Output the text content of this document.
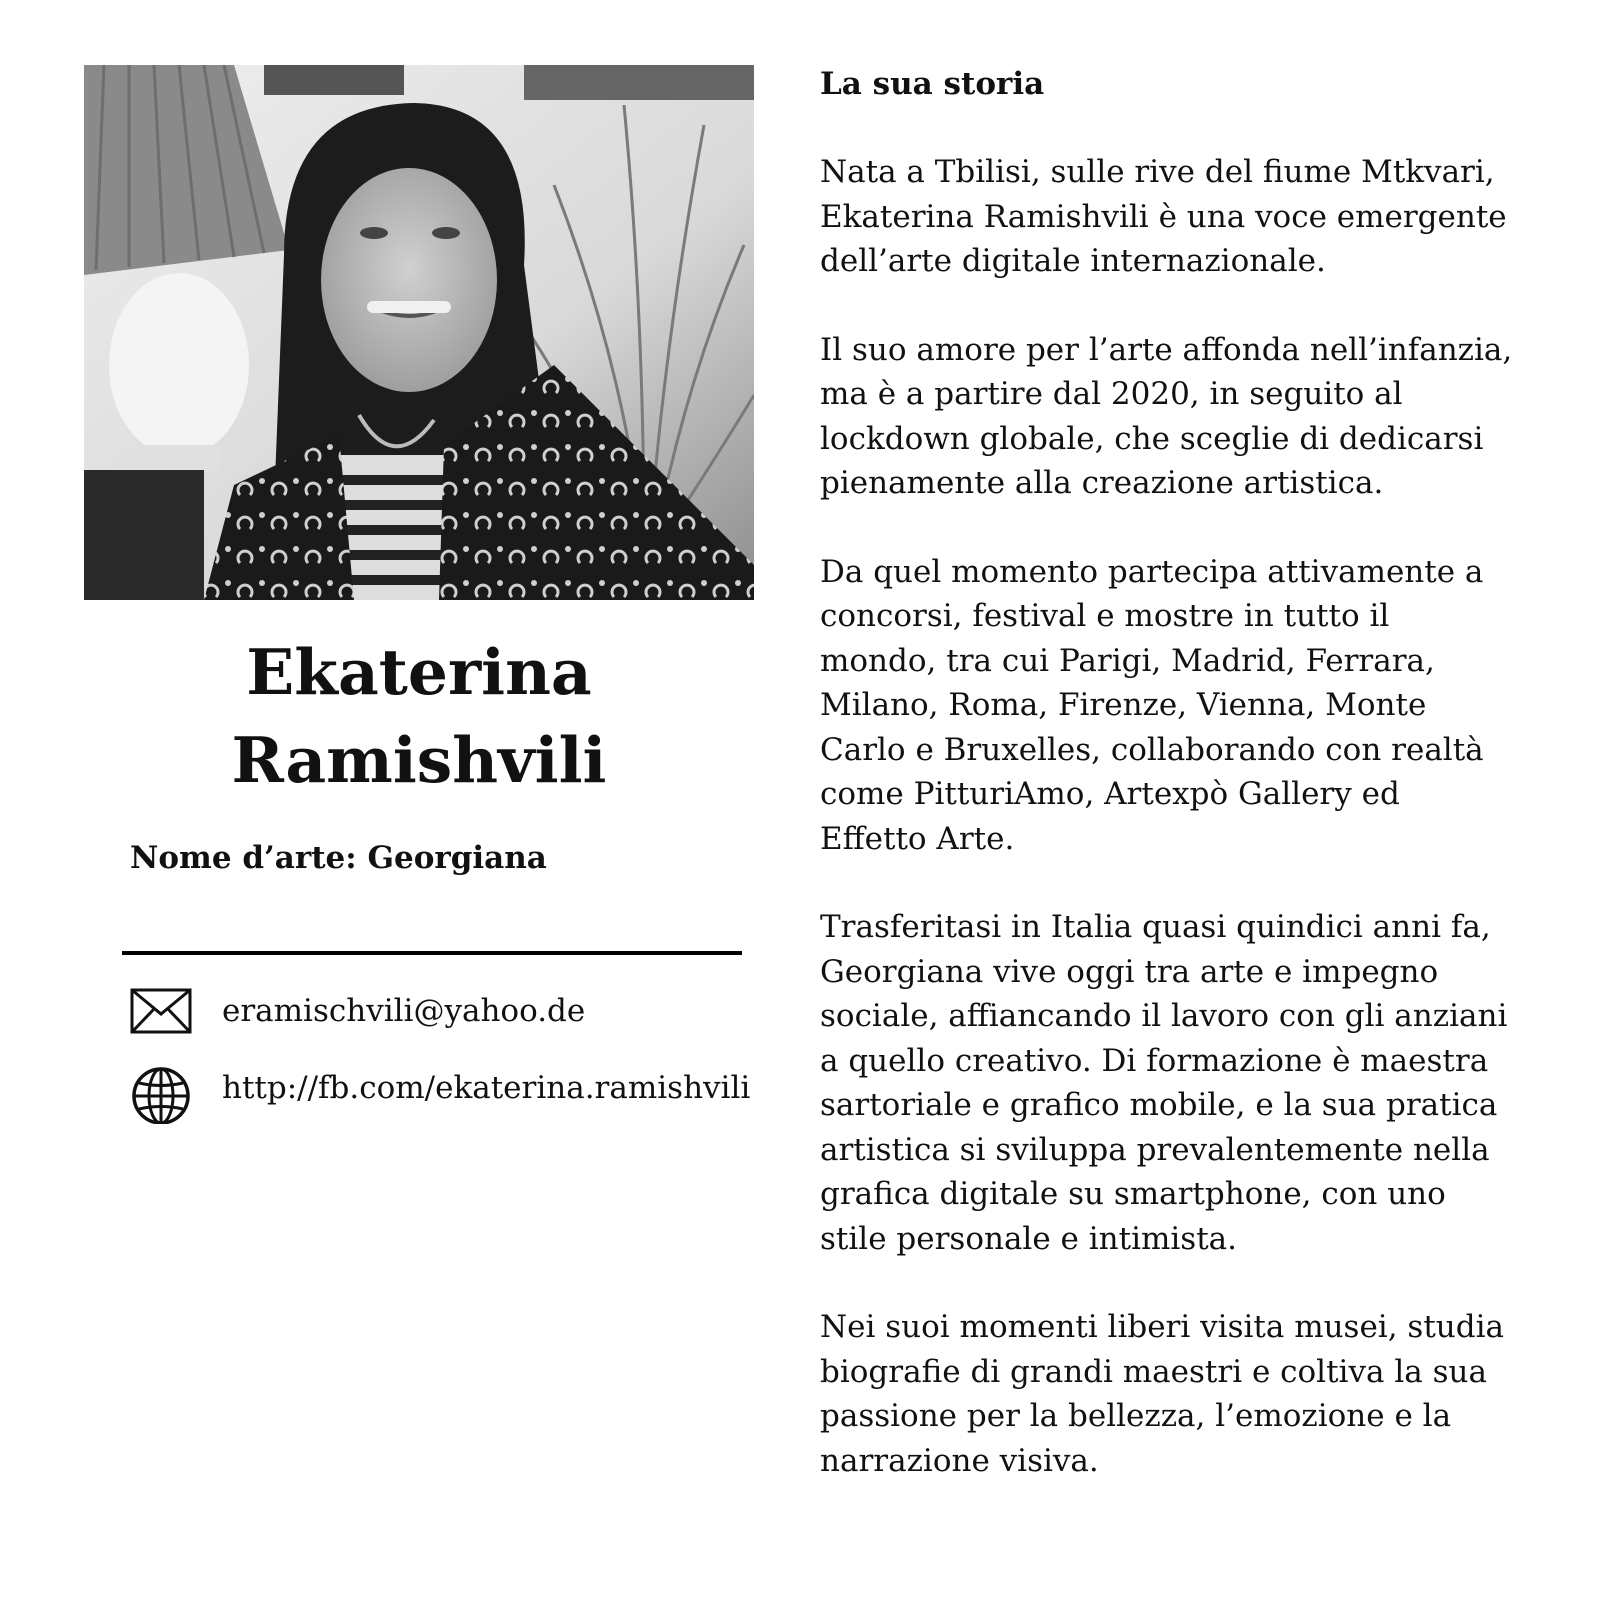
Ekaterina
Ramishvili
Nome d’arte: Georgiana
eramischvili@yahoo.de
http://fb.com/ekaterina.ramishvili
La sua storia

Nata a Tbilisi, sulle rive del fiume Mtkvari,
Ekaterina Ramishvili è una voce emergente
dell’arte digitale internazionale.

Il suo amore per l’arte affonda nell’infanzia,
ma è a partire dal 2020, in seguito al
lockdown globale, che sceglie di dedicarsi
pienamente alla creazione artistica.

Da quel momento partecipa attivamente a
concorsi, festival e mostre in tutto il
mondo, tra cui Parigi, Madrid, Ferrara,
Milano, Roma, Firenze, Vienna, Monte
Carlo e Bruxelles, collaborando con realtà
come PitturiAmo, Artexpò Gallery ed
Effetto Arte.

Trasferitasi in Italia quasi quindici anni fa,
Georgiana vive oggi tra arte e impegno
sociale, affiancando il lavoro con gli anziani
a quello creativo. Di formazione è maestra
sartoriale e grafico mobile, e la sua pratica
artistica si sviluppa prevalentemente nella
grafica digitale su smartphone, con uno
stile personale e intimista.

Nei suoi momenti liberi visita musei, studia
biografie di grandi maestri e coltiva la sua
passione per la bellezza, l’emozione e la
narrazione visiva.
